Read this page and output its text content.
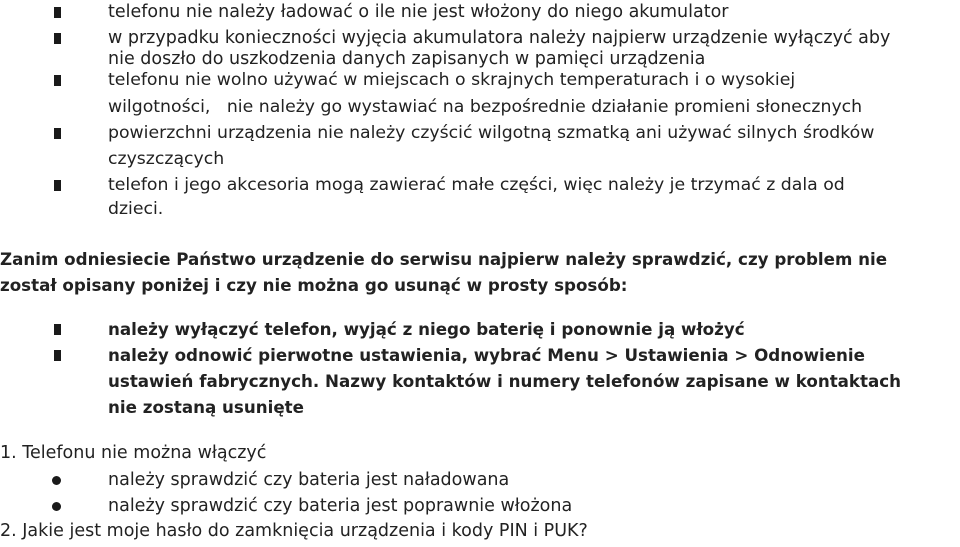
telefonu nie należy ładować o ile nie jest włożony do niego akumulator
w przypadku konieczności wyjęcia akumulatora należy najpierw urządzenie wyłączyć aby
nie doszło do uszkodzenia danych zapisanych w pamięci urządzenia
telefonu nie wolno używać w miejscach o skrajnych temperaturach i o wysokiej
wilgotności,   nie należy go wystawiać na bezpośrednie działanie promieni słonecznych
powierzchni urządzenia nie należy czyścić wilgotną szmatką ani używać silnych środków
czyszczących
telefon i jego akcesoria mogą zawierać małe części, więc należy je trzymać z dala od
dzieci.
Zanim odniesiecie Państwo urządzenie do serwisu najpierw należy sprawdzić, czy problem nie
został opisany poniżej i czy nie można go usunąć w prosty sposób:
należy wyłączyć telefon, wyjąć z niego baterię i ponownie ją włożyć
należy odnowić pierwotne ustawienia, wybrać Menu > Ustawienia > Odnowienie
ustawień fabrycznych. Nazwy kontaktów i numery telefonów zapisane w kontaktach
nie zostaną usunięte
1. Telefonu nie można włączyć
należy sprawdzić czy bateria jest naładowana
należy sprawdzić czy bateria jest poprawnie włożona
2. Jakie jest moje hasło do zamknięcia urządzenia i kody PIN i PUK?
